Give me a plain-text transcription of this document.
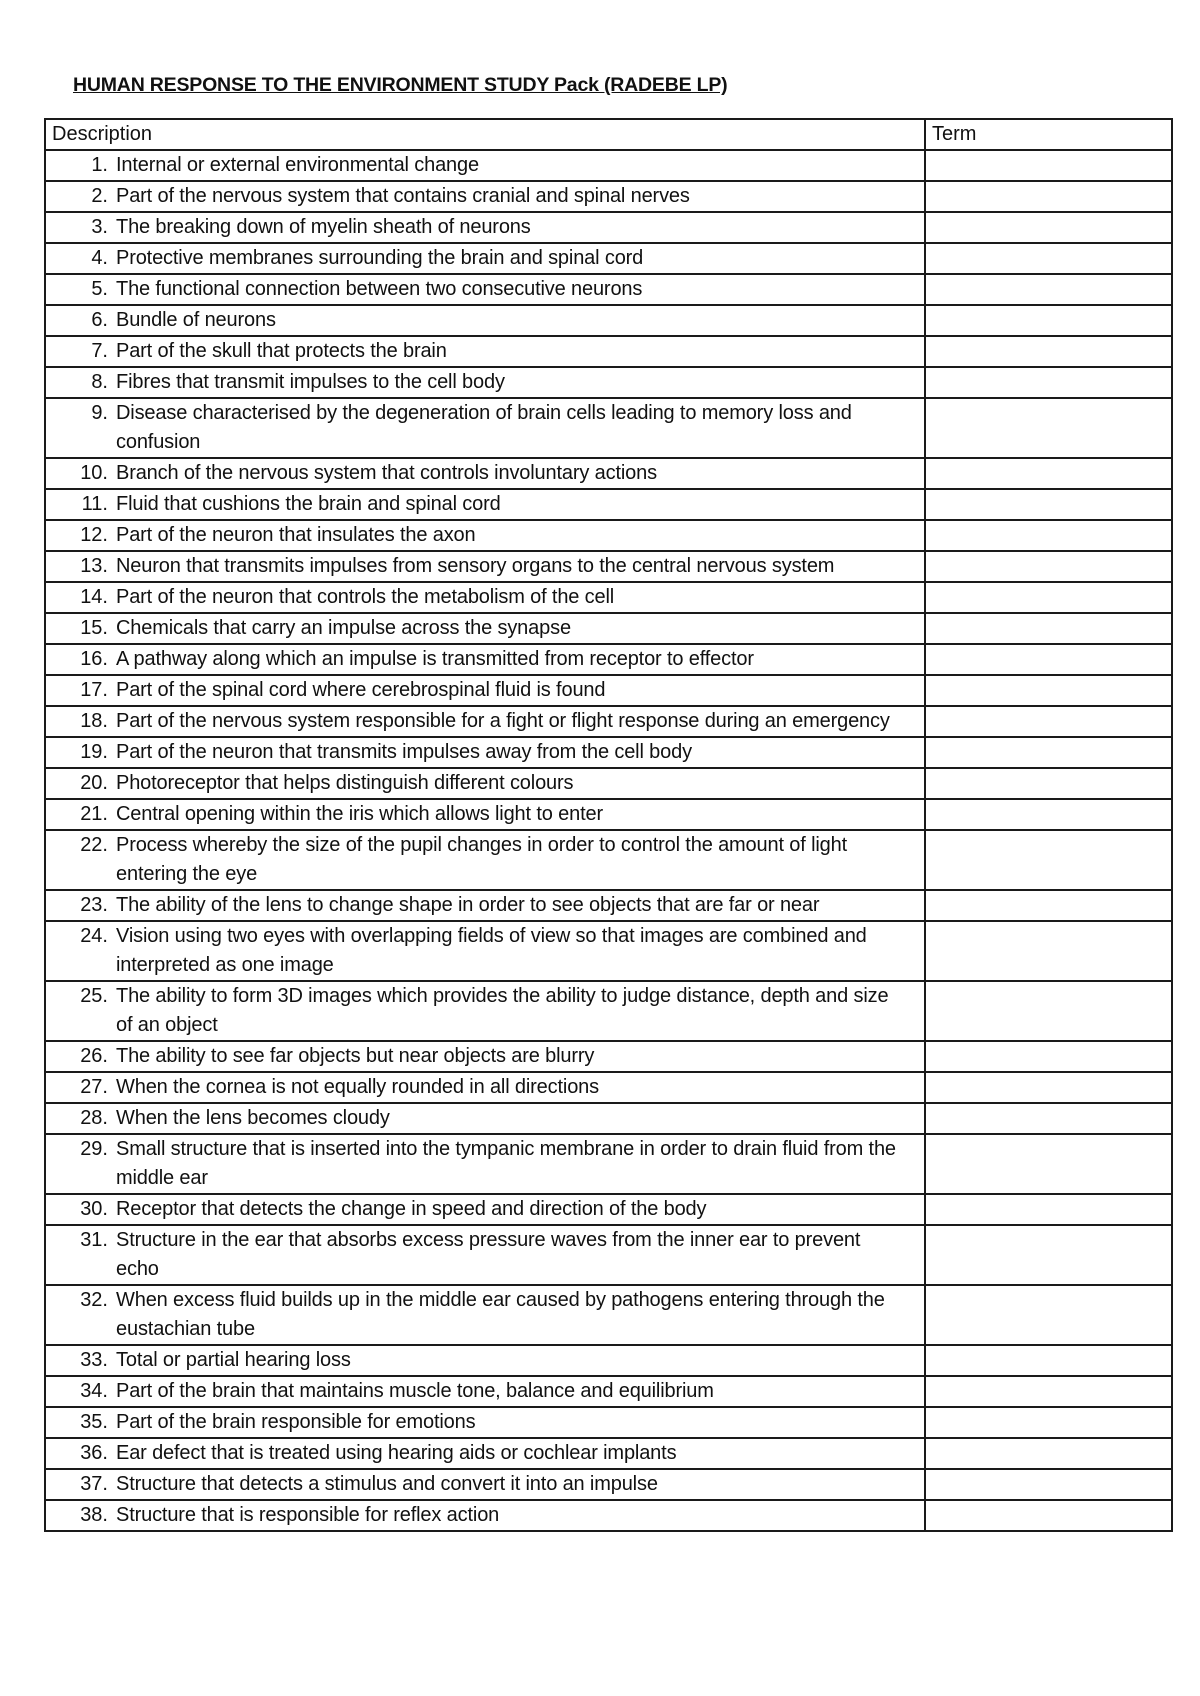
HUMAN RESPONSE TO THE ENVIRONMENT STUDY Pack (RADEBE LP)
Description	Term

1. Internal or external environmental change	

2. Part of the nervous system that contains cranial and spinal nerves	

3. The breaking down of myelin sheath of neurons	

4. Protective membranes surrounding the brain and spinal cord	

5. The functional connection between two consecutive neurons	

6. Bundle of neurons	

7. Part of the skull that protects the brain	

8. Fibres that transmit impulses to the cell body	

9. Disease characterised by the degeneration of brain cells leading to memory loss and confusion	

10. Branch of the nervous system that controls involuntary actions	

11. Fluid that cushions the brain and spinal cord	

12. Part of the neuron that insulates the axon	

13. Neuron that transmits impulses from sensory organs to the central nervous system	

14. Part of the neuron that controls the metabolism of the cell	

15. Chemicals that carry an impulse across the synapse	

16. A pathway along which an impulse is transmitted from receptor to effector	

17. Part of the spinal cord where cerebrospinal fluid is found	

18. Part of the nervous system responsible for a fight or flight response during an emergency	

19. Part of the neuron that transmits impulses away from the cell body	

20. Photoreceptor that helps distinguish different colours	

21. Central opening within the iris which allows light to enter	

22. Process whereby the size of the pupil changes in order to control the amount of light entering the eye	

23. The ability of the lens to change shape in order to see objects that are far or near	

24. Vision using two eyes with overlapping fields of view so that images are combined and interpreted as one image	

25. The ability to form 3D images which provides the ability to judge distance, depth and size of an object	

26. The ability to see far objects but near objects are blurry	

27. When the cornea is not equally rounded in all directions	

28. When the lens becomes cloudy	

29. Small structure that is inserted into the tympanic membrane in order to drain fluid from the middle ear	

30. Receptor that detects the change in speed and direction of the body	

31. Structure in the ear that absorbs excess pressure waves from the inner ear to prevent echo	

32. When excess fluid builds up in the middle ear caused by pathogens entering through the eustachian tube	

33. Total or partial hearing loss	

34. Part of the brain that maintains muscle tone, balance and equilibrium	

35. Part of the brain responsible for emotions	

36. Ear defect that is treated using hearing aids or cochlear implants	

37. Structure that detects a stimulus and convert it into an impulse	

38. Structure that is responsible for reflex action	
